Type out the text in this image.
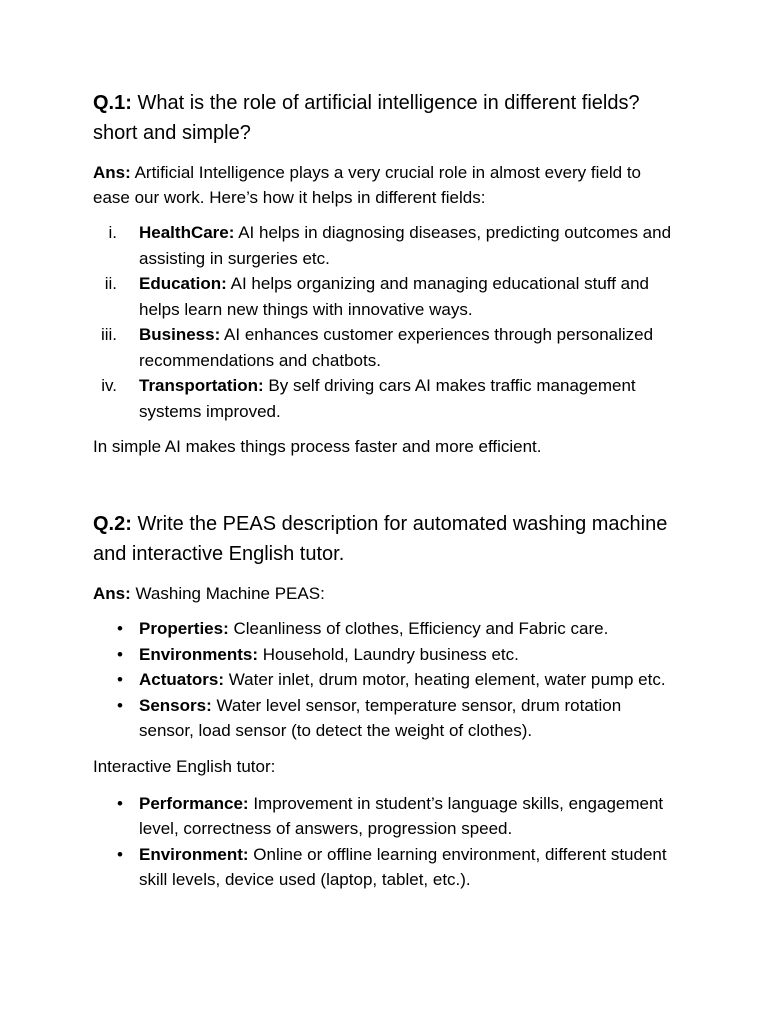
Q.1: What is the role of artificial intelligence in different fields? short and simple?

Ans: Artificial Intelligence plays a very crucial role in almost every field to ease our work. Here’s how it helps in different fields:

i. HealthCare: AI helps in diagnosing diseases, predicting outcomes and assisting in surgeries etc.
ii. Education: AI helps organizing and managing educational stuff and helps learn new things with innovative ways.
iii. Business: AI enhances customer experiences through personalized recommendations and chatbots.
iv. Transportation: By self driving cars AI makes traffic management systems improved.

In simple AI makes things process faster and more efficient.

Q.2: Write the PEAS description for automated washing machine and interactive English tutor.

Ans: Washing Machine PEAS:

• Properties: Cleanliness of clothes, Efficiency and Fabric care.
• Environments: Household, Laundry business etc.
• Actuators: Water inlet, drum motor, heating element, water pump etc.
• Sensors: Water level sensor, temperature sensor, drum rotation sensor, load sensor (to detect the weight of clothes).

Interactive English tutor:

• Performance: Improvement in student’s language skills, engagement level, correctness of answers, progression speed.
• Environment: Online or offline learning environment, different student skill levels, device used (laptop, tablet, etc.).
